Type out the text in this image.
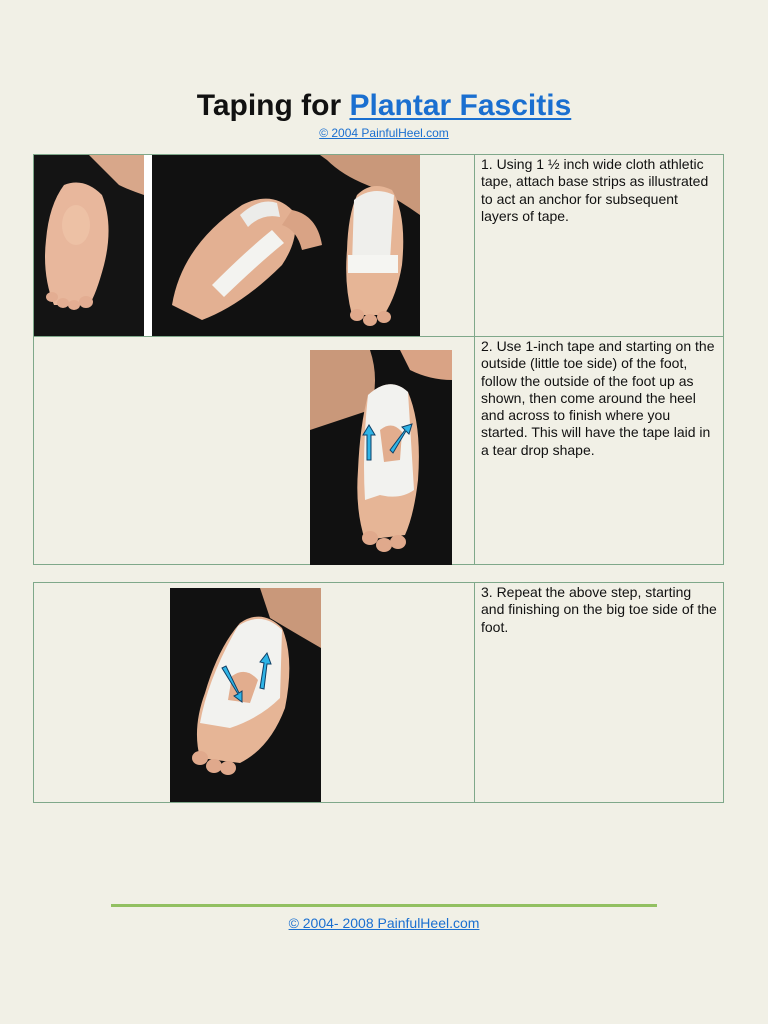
Taping for Plantar Fascitis
© 2004 PainfulHeel.com
	1. Using 1 ½ inch wide cloth athletic tape, attach base strips as illustrated to act an anchor for subsequent layers of tape.

	2. Use 1-inch tape and starting on the outside (little toe side) of the foot, follow the outside of the foot up as shown, then come around the heel and across to finish where you started. This will have the tape laid in a tear drop shape.
	3. Repeat the above step, starting and finishing on the big toe side of the foot.
© 2004- 2008 PainfulHeel.com
